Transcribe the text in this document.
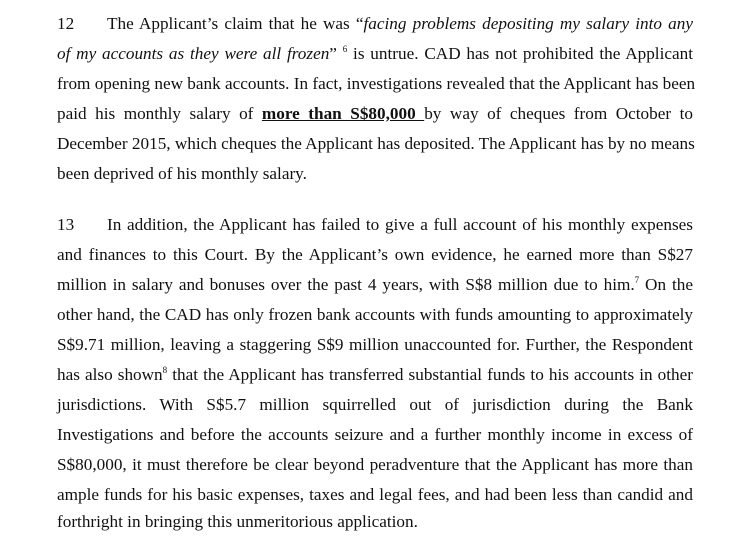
12 The Applicant’s claim that he was “facing problems depositing my salary into any
of my accounts as they were all frozen” $^6$ is untrue. CAD has not prohibited the Applicant
from opening new bank accounts. In fact, investigations revealed that the Applicant has been
paid his monthly salary of more than S$80,000 by way of cheques from October to
December 2015, which cheques the Applicant has deposited. The Applicant has by no means
been deprived of his monthly salary.
13 In addition, the Applicant has failed to give a full account of his monthly expenses
and finances to this Court. By the Applicant’s own evidence, he earned more than S$27
million in salary and bonuses over the past 4 years, with S$8 million due to him.$^7$ On the
other hand, the CAD has only frozen bank accounts with funds amounting to approximately
S$9.71 million, leaving a staggering S$9 million unaccounted for. Further, the Respondent
has also shown$^8$ that the Applicant has transferred substantial funds to his accounts in other
jurisdictions. With S$5.7 million squirrelled out of jurisdiction during the Bank
Investigations and before the accounts seizure and a further monthly income in excess of
S$80,000, it must therefore be clear beyond peradventure that the Applicant has more than
ample funds for his basic expenses, taxes and legal fees, and had been less than candid and
forthright in bringing this unmeritorious application.
